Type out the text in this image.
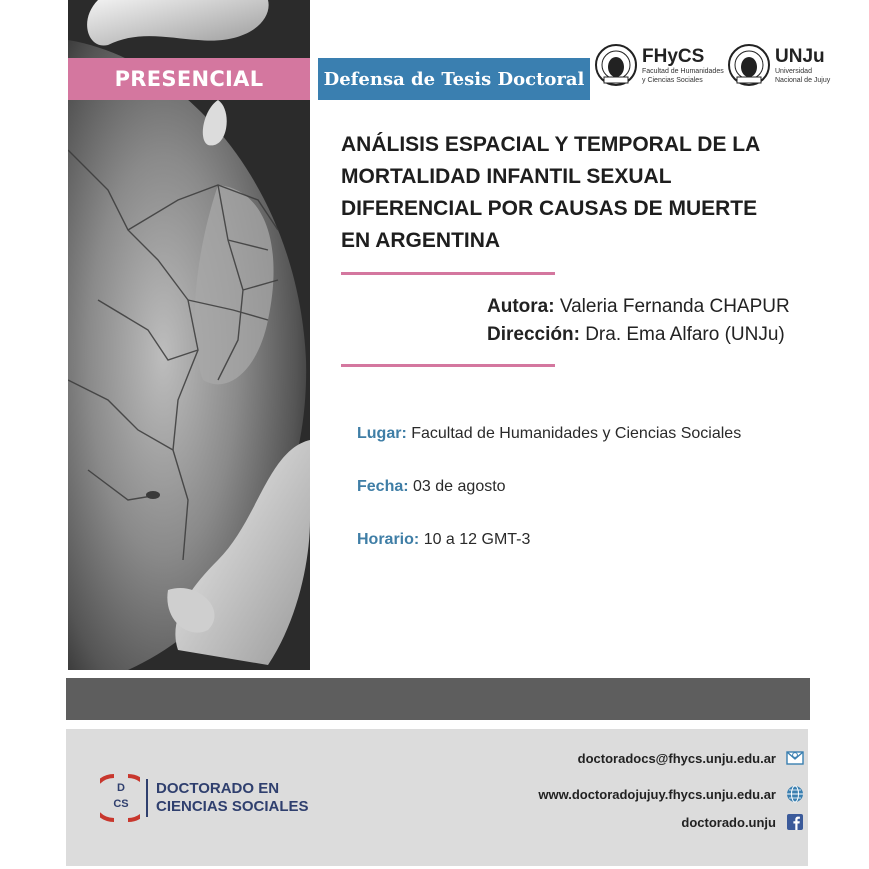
PRESENCIAL	Defensa de Tesis Doctoral
FHyCS
Facultad de Humanidades
y Ciencias Sociales
UNJu
Universidad
Nacional de Jujuy
ANÁLISIS ESPACIAL Y TEMPORAL DE LA
MORTALIDAD INFANTIL SEXUAL
DIFERENCIAL POR CAUSAS DE MUERTE
EN ARGENTINA
Autora: Valeria Fernanda CHAPUR
Dirección: Dra. Ema Alfaro (UNJu)
Lugar: Facultad de Humanidades y Ciencias Sociales
Fecha: 03 de agosto
Horario: 10 a 12 GMT-3
D
CS
DOCTORADO EN
CIENCIAS SOCIALES
doctoradocs@fhycs.unju.edu.ar
www.doctoradojujuy.fhycs.unju.edu.ar
doctorado.unju
